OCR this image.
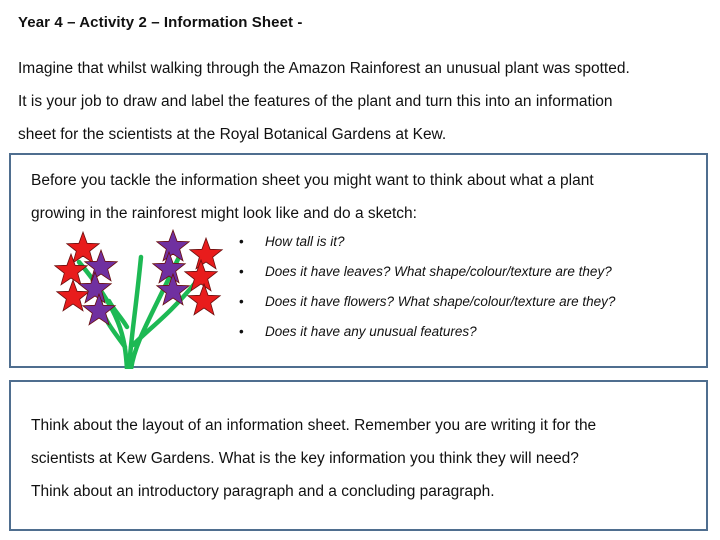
Year 4 – Activity 2 – Information Sheet -

Imagine that whilst walking through the Amazon Rainforest an unusual plant was spotted.

It is your job to draw and label the features of the plant and turn this into an information

sheet for the scientists at the Royal Botanical Gardens at Kew.

Before you tackle the information sheet you might want to think about what a plant

growing in the rainforest might look like and do a sketch:

• How tall is it?
• Does it have leaves? What shape/colour/texture are they?
• Does it have flowers? What shape/colour/texture are they?
• Does it have any unusual features?

Think about the layout of an information sheet. Remember you are writing it for the

scientists at Kew Gardens. What is the key information you think they will need?

Think about an introductory paragraph and a concluding paragraph.
